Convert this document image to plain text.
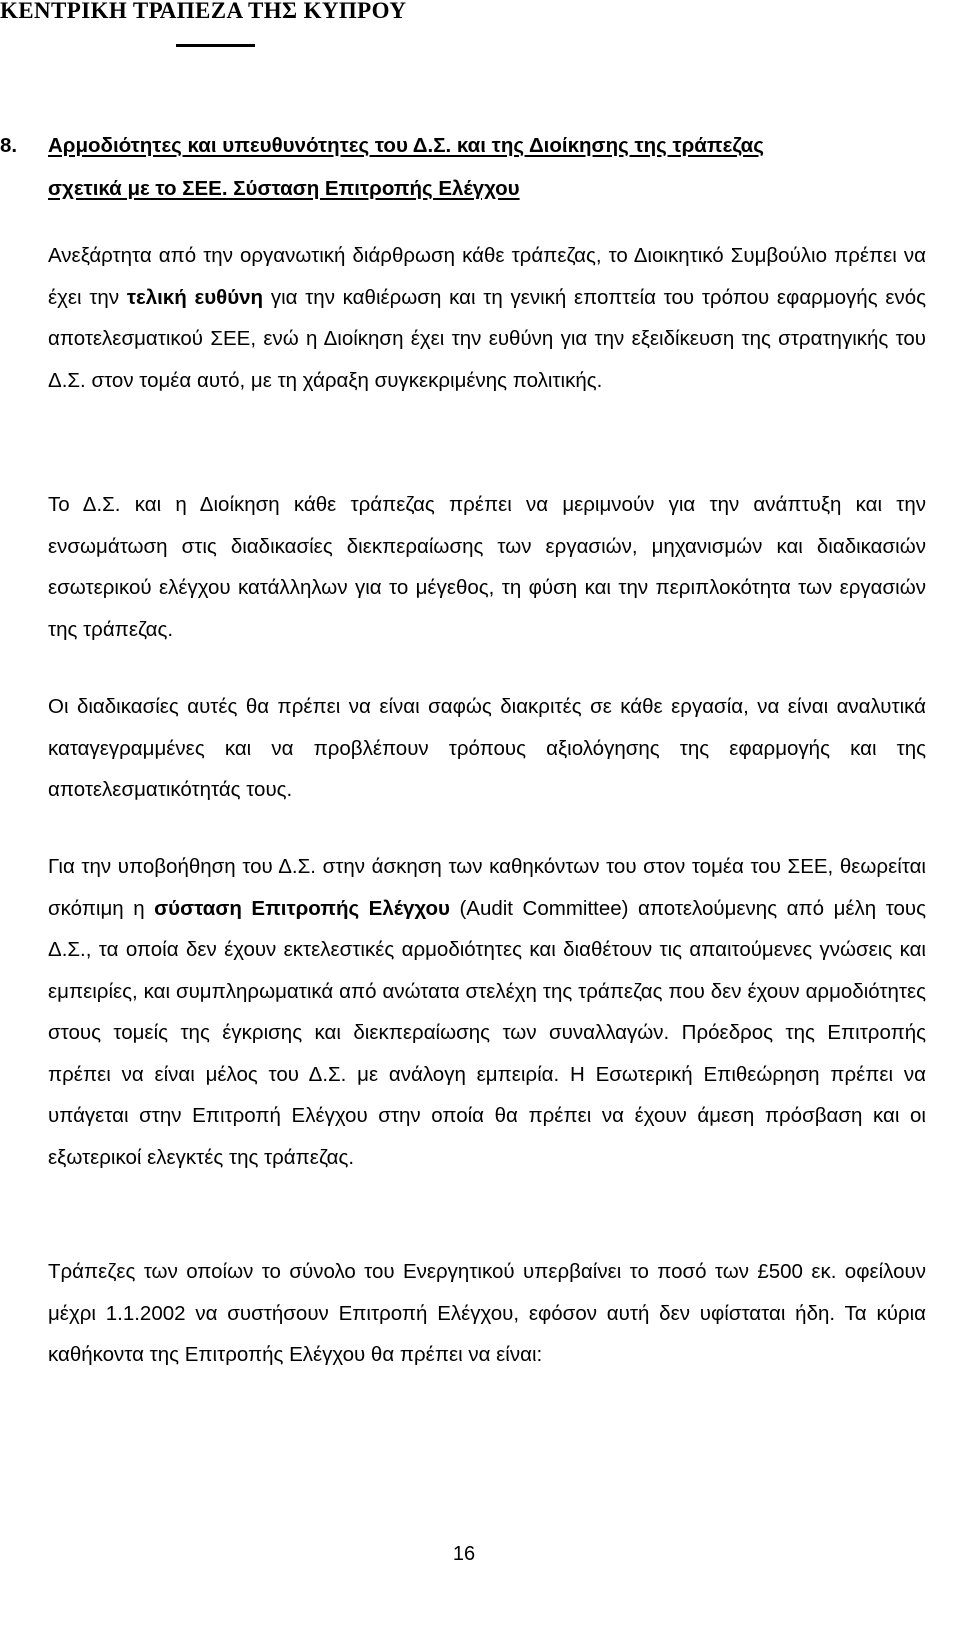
ΚΕΝΤΡΙΚΗ ΤΡΑΠΕΖΑ ΤΗΣ ΚΥΠΡΟΥ
8. Αρμοδιότητες και υπευθυνότητες του Δ.Σ. και της Διοίκησης της τράπεζας
σχετικά με το ΣΕΕ. Σύσταση Επιτροπής Ελέγχου

Ανεξάρτητα από την οργανωτική διάρθρωση κάθε τράπεζας, το Διοικητικό Συμβούλιο πρέπει να έχει την τελική ευθύνη για την καθιέρωση και τη γενική εποπτεία του τρόπου εφαρμογής ενός αποτελεσματικού ΣΕΕ, ενώ η Διοίκηση έχει την ευθύνη για την εξειδίκευση της στρατηγικής του Δ.Σ. στον τομέα αυτό, με τη χάραξη συγκεκριμένης πολιτικής.

Το Δ.Σ. και η Διοίκηση κάθε τράπεζας πρέπει να μεριμνούν για την ανάπτυξη και την ενσωμάτωση στις διαδικασίες διεκπεραίωσης των εργασιών, μηχανισμών και διαδικασιών εσωτερικού ελέγχου κατάλληλων για το μέγεθος, τη φύση και την περιπλοκότητα των εργασιών της τράπεζας.

Οι διαδικασίες αυτές θα πρέπει να είναι σαφώς διακριτές σε κάθε εργασία, να είναι αναλυτικά καταγεγραμμένες και να προβλέπουν τρόπους αξιολόγησης της εφαρμογής και της αποτελεσματικότητάς τους.

Για την υποβοήθηση του Δ.Σ. στην άσκηση των καθηκόντων του στον τομέα του ΣΕΕ, θεωρείται σκόπιμη η σύσταση Επιτροπής Ελέγχου (Audit Committee) αποτελούμενης από μέλη τους Δ.Σ., τα οποία δεν έχουν εκτελεστικές αρμοδιότητες και διαθέτουν τις απαιτούμενες γνώσεις και εμπειρίες, και συμπληρωματικά από ανώτατα στελέχη της τράπεζας που δεν έχουν αρμοδιότητες στους τομείς της έγκρισης και διεκπεραίωσης των συναλλαγών. Πρόεδρος της Επιτροπής πρέπει να είναι μέλος του Δ.Σ. με ανάλογη εμπειρία. Η Εσωτερική Επιθεώρηση πρέπει να υπάγεται στην Επιτροπή Ελέγχου στην οποία θα πρέπει να έχουν άμεση πρόσβαση και οι εξωτερικοί ελεγκτές της τράπεζας.

Τράπεζες των οποίων το σύνολο του Ενεργητικού υπερβαίνει το ποσό των £500 εκ. οφείλουν μέχρι 1.1.2002 να συστήσουν Επιτροπή Ελέγχου, εφόσον αυτή δεν υφίσταται ήδη. Τα κύρια καθήκοντα της Επιτροπής Ελέγχου θα πρέπει να είναι:

16
